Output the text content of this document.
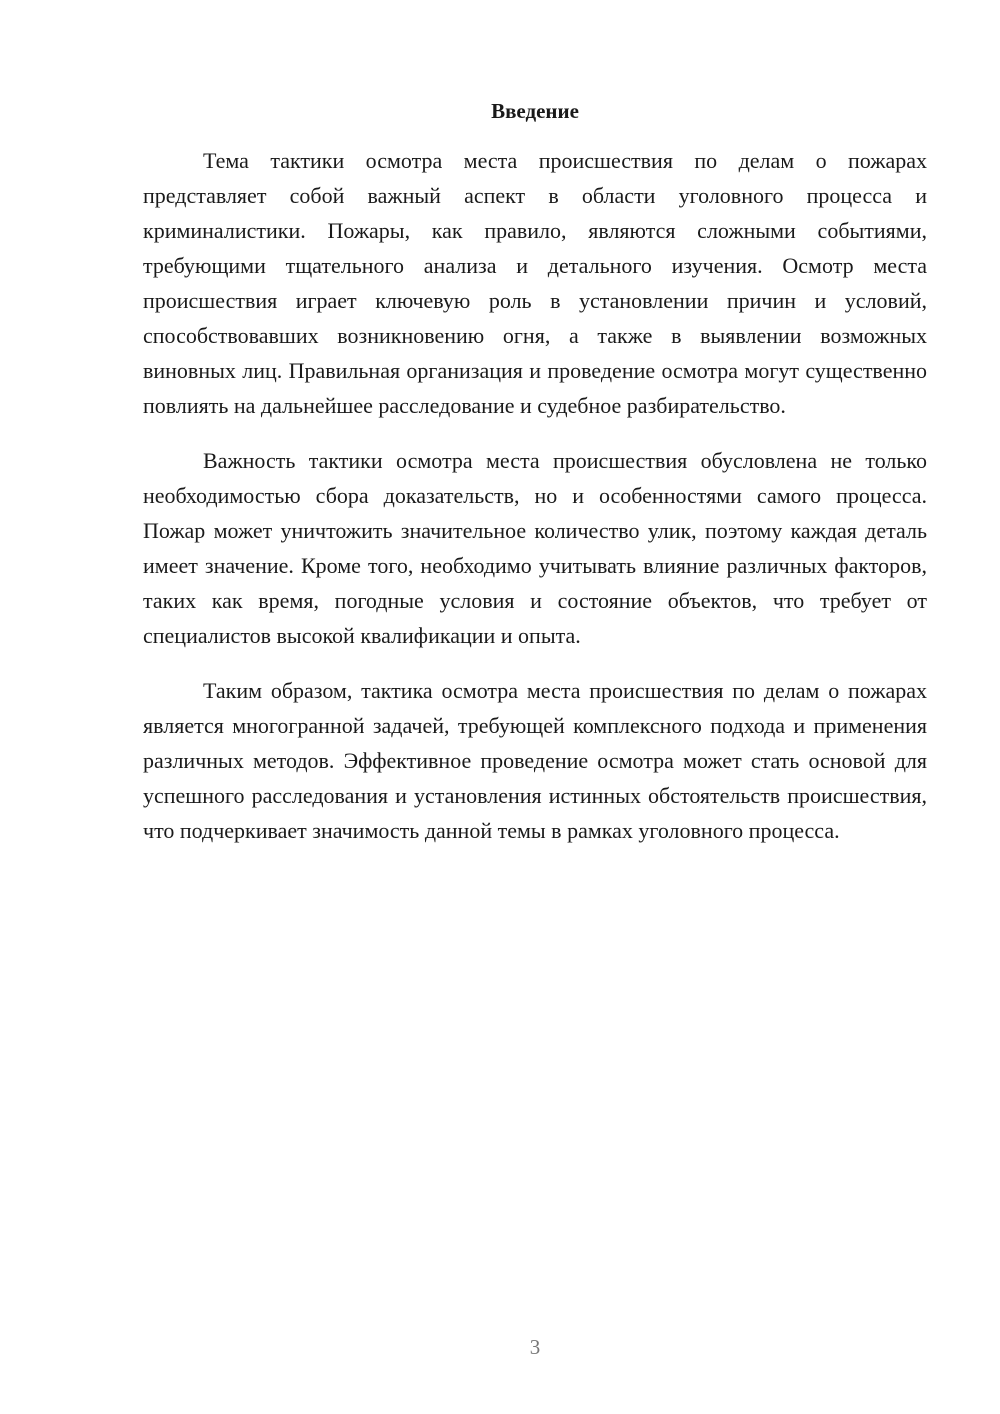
Введение

Тема тактики осмотра места происшествия по делам о пожарах представляет собой важный аспект в области уголовного процесса и криминалистики. Пожары, как правило, являются сложными событиями, требующими тщательного анализа и детального изучения. Осмотр места происшествия играет ключевую роль в установлении причин и условий, способствовавших возникновению огня, а также в выявлении возможных виновных лиц. Правильная организация и проведение осмотра могут существенно повлиять на дальнейшее расследование и судебное разбирательство.

Важность тактики осмотра места происшествия обусловлена не только необходимостью сбора доказательств, но и особенностями самого процесса. Пожар может уничтожить значительное количество улик, поэтому каждая деталь имеет значение. Кроме того, необходимо учитывать влияние различных факторов, таких как время, погодные условия и состояние объектов, что требует от специалистов высокой квалификации и опыта.

Таким образом, тактика осмотра места происшествия по делам о пожарах является многогранной задачей, требующей комплексного подхода и применения различных методов. Эффективное проведение осмотра может стать основой для успешного расследования и установления истинных обстоятельств происшествия, что подчеркивает значимость данной темы в рамках уголовного процесса.

3
